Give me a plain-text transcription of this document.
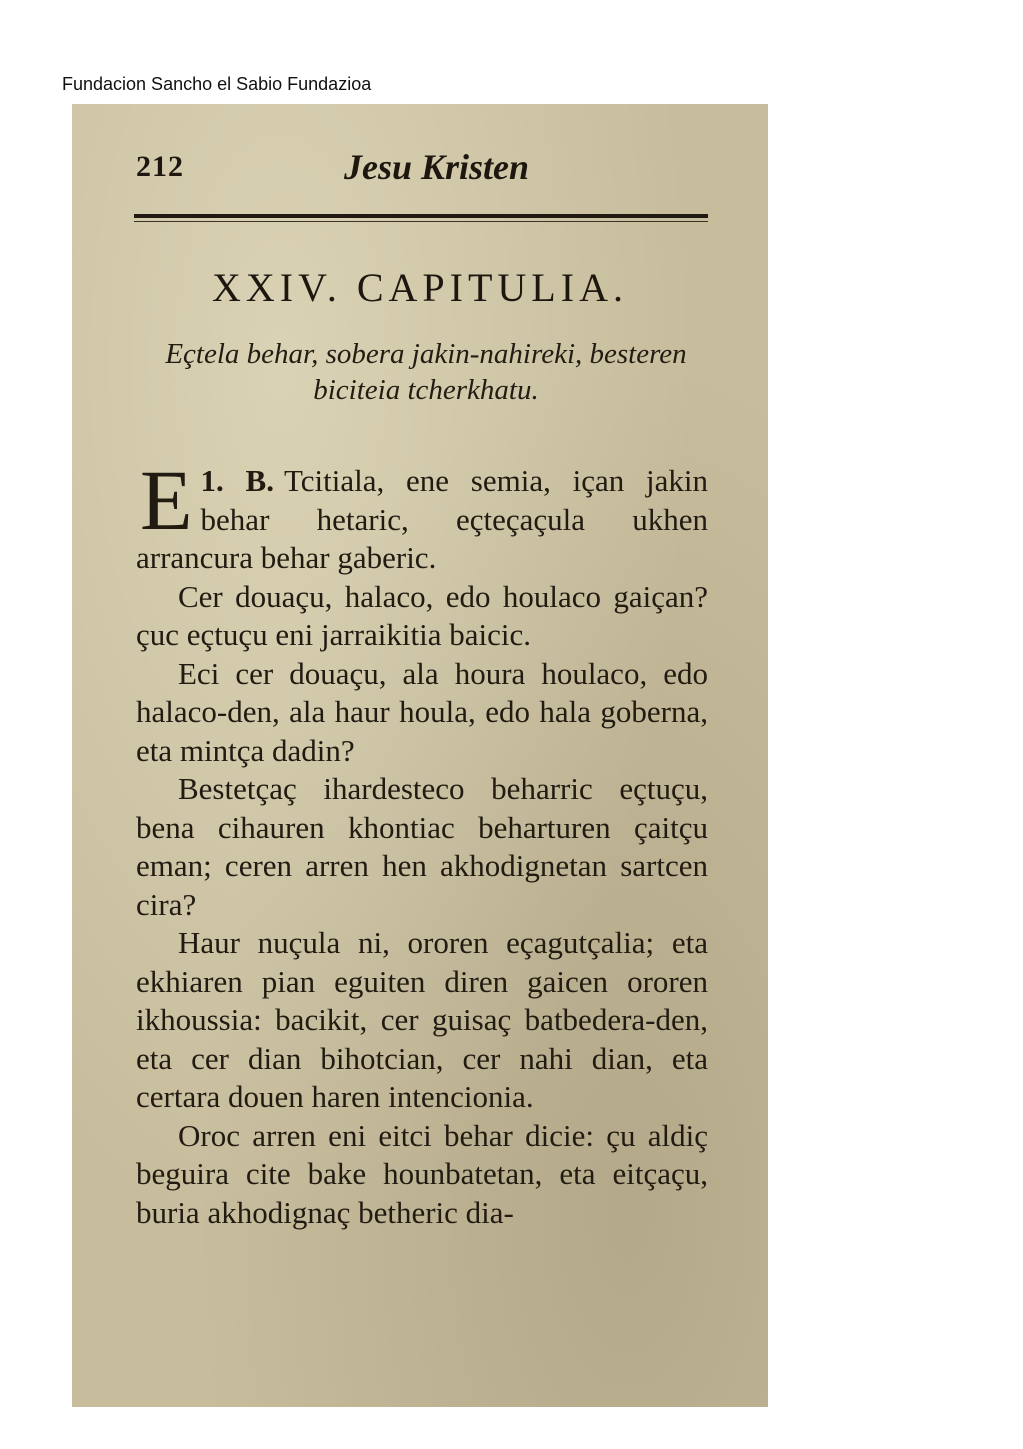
Fundacion Sancho el Sabio Fundazioa
212	Jesu Kristen
XXIV. CAPITULIA.
Eçtela behar, sobera jakin-nahireki, besteren biciteia tcherkhatu.

1. B.
E	Tcitiala, ene semia, içan jakin behar hetaric, eçteçaçula ukhen arrancura behar gaberic.

Cer douaçu, halaco, edo houlaco gaiçan? çuc eçtuçu eni jarraikitia baicic.

Eci cer douaçu, ala houra houlaco, edo halaco-den, ala haur houla, edo hala goberna, eta mintça dadin?

Bestetçaç ihardesteco beharric eçtuçu, bena cihauren khontiac beharturen çaitçu eman; ceren arren hen akhodignetan sartcen cira?

Haur nuçula ni, ororen eçagutçalia; eta ekhiaren pian eguiten diren gaicen ororen ikhoussia: bacikit, cer guisaç batbedera-den, eta cer dian bihotcian, cer nahi dian, eta certara douen haren intencionia.

Oroc arren eni eitci behar dicie: çu aldiç beguira cite bake hounbatetan, eta eitçaçu, buria akhodignaç betheric dia-
